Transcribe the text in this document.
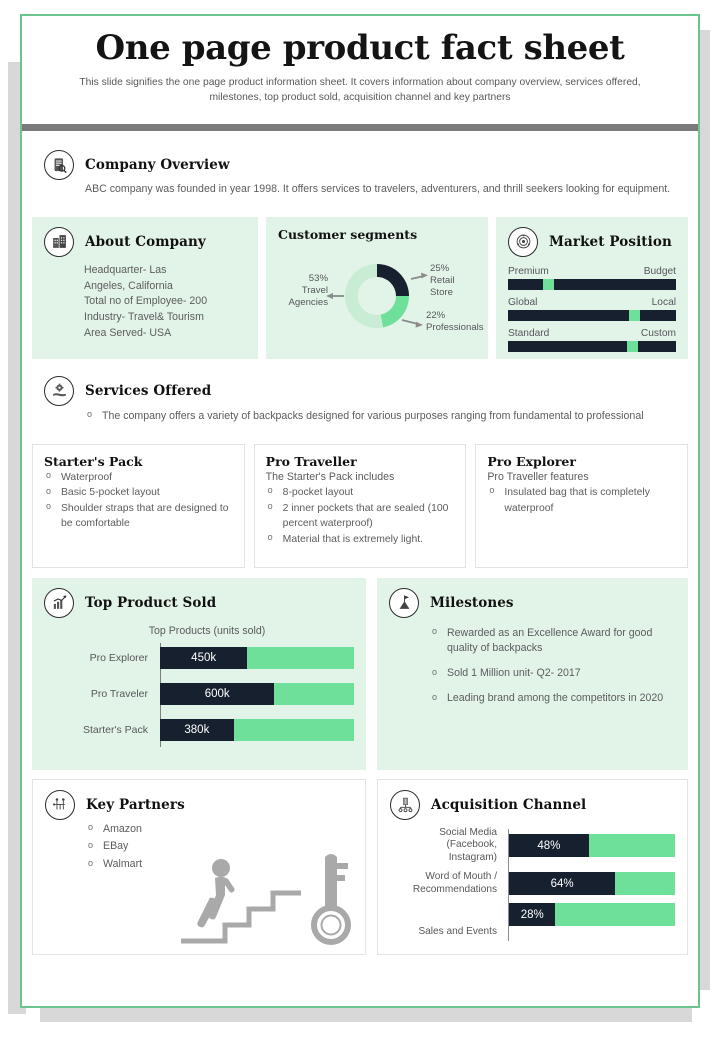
One page product fact sheet
This slide signifies the one page product information sheet. It covers information about company overview, services offered, milestones, top product sold, acquisition channel and key partners
Company Overview
ABC company was founded in year 1998. It offers services to travelers, adventurers, and thrill seekers looking for equipment.
About Company
Headquarter- Las
Angeles, California
Total no of Employee- 200
Industry- Travel& Tourism
Area Served- USA
Customer segments
25%
Retail Store
22%
Professionals
53%
Travel
Agencies
Market Position
Premium	Budget
Global	Local
Standard	Custom
Services Offered
o The company offers a variety of backpacks designed for various purposes ranging from fundamental to professional
Starter's Pack
o Waterproof
o Basic 5-pocket layout
o Shoulder straps that are designed to be comfortable
Pro Traveller
The Starter's Pack includes
o 8-pocket layout
o 2 inner pockets that are sealed (100 percent waterproof)
o Material that is extremely light.
Pro Explorer
Pro Traveller features
o Insulated bag that is completely waterproof
Top Product Sold
Top Products (units sold)
Pro Explorer	450k
Pro Traveler	600k
Starter's Pack	380k
Milestones
o Rewarded as an Excellence Award for good quality of backpacks
o Sold 1 Million unit- Q2- 2017
o Leading brand among the competitors in 2020
Key Partners
o Amazon
o EBay
o Walmart
Acquisition Channel
Social Media
(Facebook,
Instagram)
48%
Word of Mouth /
Recommendations	64%
Sales and Events
28%
